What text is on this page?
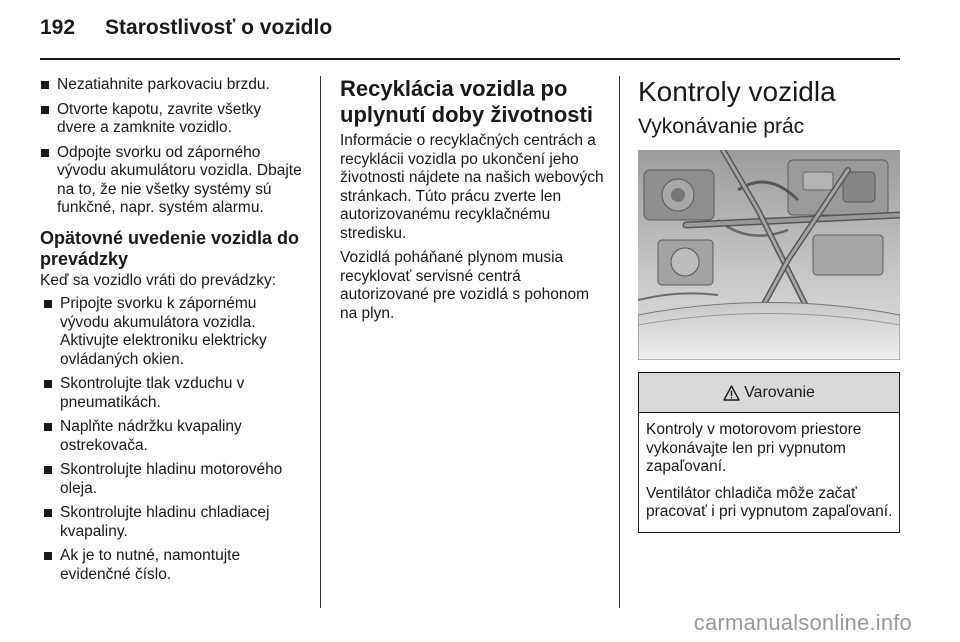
192 Starostlivosť o vozidlo
Nezatiahnite parkovaciu brzdu.
Otvorte kapotu, zavrite všetky dvere a zamknite vozidlo.
Odpojte svorku od záporného vývodu akumulátoru vozidla. Dbajte na to, že nie všetky systémy sú funkčné, napr. systém alarmu.
Opätovné uvedenie vozidla do prevádzky

Keď sa vozidlo vráti do prevádzky:

Pripojte svorku k zápornému vývodu akumulátora vozidla. Aktivujte elektroniku elektricky ovládaných okien.
Skontrolujte tlak vzduchu v pneumatikách.
Naplňte nádržku kvapaliny ostrekovača.
Skontrolujte hladinu motorového oleja.
Skontrolujte hladinu chladiacej kvapaliny.
Ak je to nutné, namontujte evidenčné číslo.
Recyklácia vozidla po uplynutí doby životnosti

Informácie o recyklačných centrách a recyklácii vozidla po ukončení jeho životnosti nájdete na našich webových stránkach. Túto prácu zverte len autorizovanému recyklačnému stredisku.

Vozidlá poháňané plynom musia recyklovať servisné centrá autorizované pre vozidlá s pohonom na plyn.

Kontroly vozidla
Vykonávanie prác
Varovanie

Kontroly v motorovom priestore vykonávajte len pri vypnutom zapaľovaní.

Ventilátor chladiča môže začať pracovať i pri vypnutom zapaľovaní.

carmanualsonline.info
